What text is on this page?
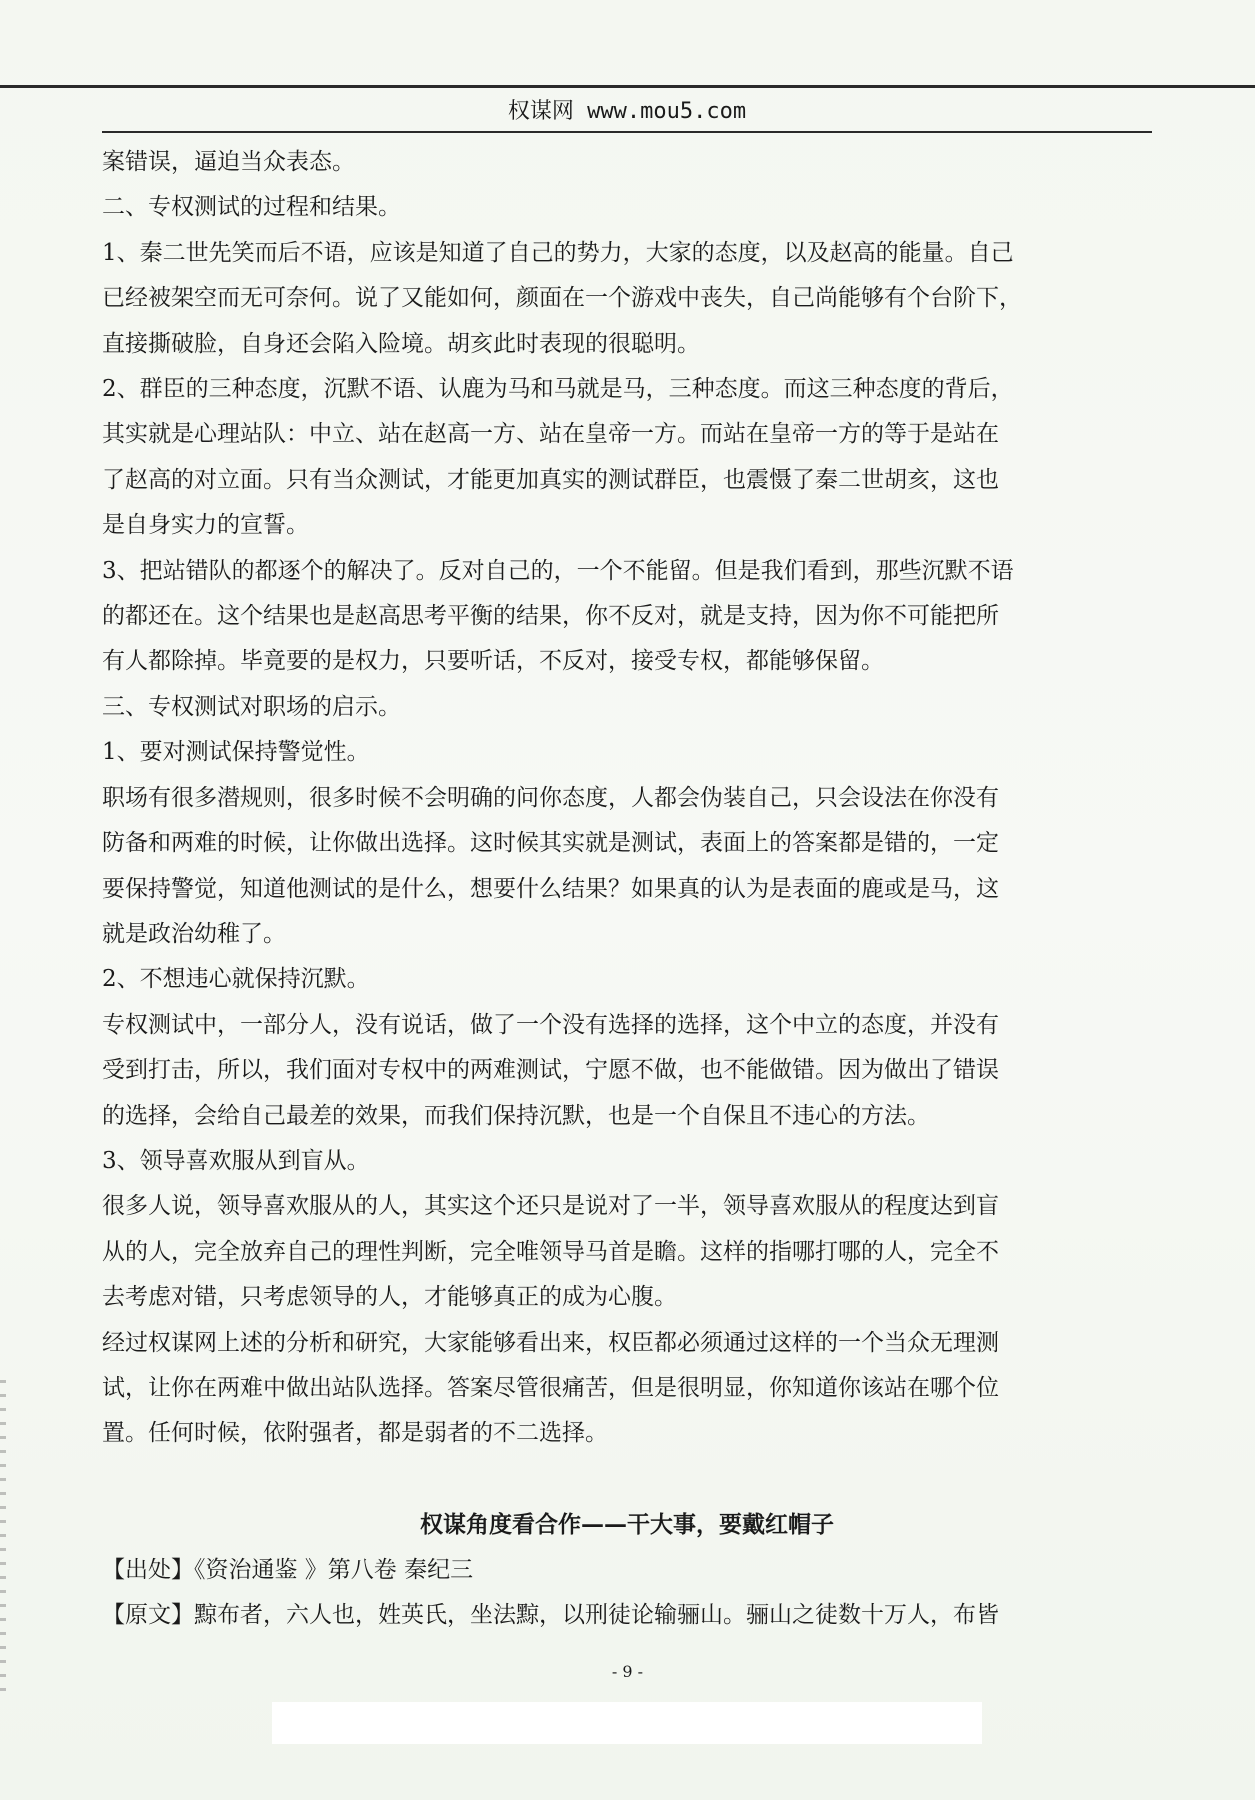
权谋网 www.mou5.com
案错误，逼迫当众表态。
二、专权测试的过程和结果。
1、秦二世先笑而后不语，应该是知道了自己的势力，大家的态度，以及赵高的能量。自己
已经被架空而无可奈何。说了又能如何，颜面在一个游戏中丧失，自己尚能够有个台阶下，
直接撕破脸，自身还会陷入险境。胡亥此时表现的很聪明。
2、群臣的三种态度，沉默不语、认鹿为马和马就是马，三种态度。而这三种态度的背后，
其实就是心理站队：中立、站在赵高一方、站在皇帝一方。而站在皇帝一方的等于是站在
了赵高的对立面。只有当众测试，才能更加真实的测试群臣，也震慑了秦二世胡亥，这也
是自身实力的宣誓。
3、把站错队的都逐个的解决了。反对自己的，一个不能留。但是我们看到，那些沉默不语
的都还在。这个结果也是赵高思考平衡的结果，你不反对，就是支持，因为你不可能把所
有人都除掉。毕竟要的是权力，只要听话，不反对，接受专权，都能够保留。
三、专权测试对职场的启示。
1、要对测试保持警觉性。
职场有很多潜规则，很多时候不会明确的问你态度，人都会伪装自己，只会设法在你没有
防备和两难的时候，让你做出选择。这时候其实就是测试，表面上的答案都是错的，一定
要保持警觉，知道他测试的是什么，想要什么结果？如果真的认为是表面的鹿或是马，这
就是政治幼稚了。
2、不想违心就保持沉默。
专权测试中，一部分人，没有说话，做了一个没有选择的选择，这个中立的态度，并没有
受到打击，所以，我们面对专权中的两难测试，宁愿不做，也不能做错。因为做出了错误
的选择，会给自己最差的效果，而我们保持沉默，也是一个自保且不违心的方法。
3、领导喜欢服从到盲从。
很多人说，领导喜欢服从的人，其实这个还只是说对了一半，领导喜欢服从的程度达到盲
从的人，完全放弃自己的理性判断，完全唯领导马首是瞻。这样的指哪打哪的人，完全不
去考虑对错，只考虑领导的人，才能够真正的成为心腹。
经过权谋网上述的分析和研究，大家能够看出来，权臣都必须通过这样的一个当众无理测
试，让你在两难中做出站队选择。答案尽管很痛苦，但是很明显，你知道你该站在哪个位
置。任何时候，依附强者，都是弱者的不二选择。
权谋角度看合作——干大事，要戴红帽子
【出处】《资治通鉴 》第八卷 秦纪三
【原文】黥布者，六人也，姓英氏，坐法黥，以刑徒论输骊山。骊山之徒数十万人，布皆
- 9 -
